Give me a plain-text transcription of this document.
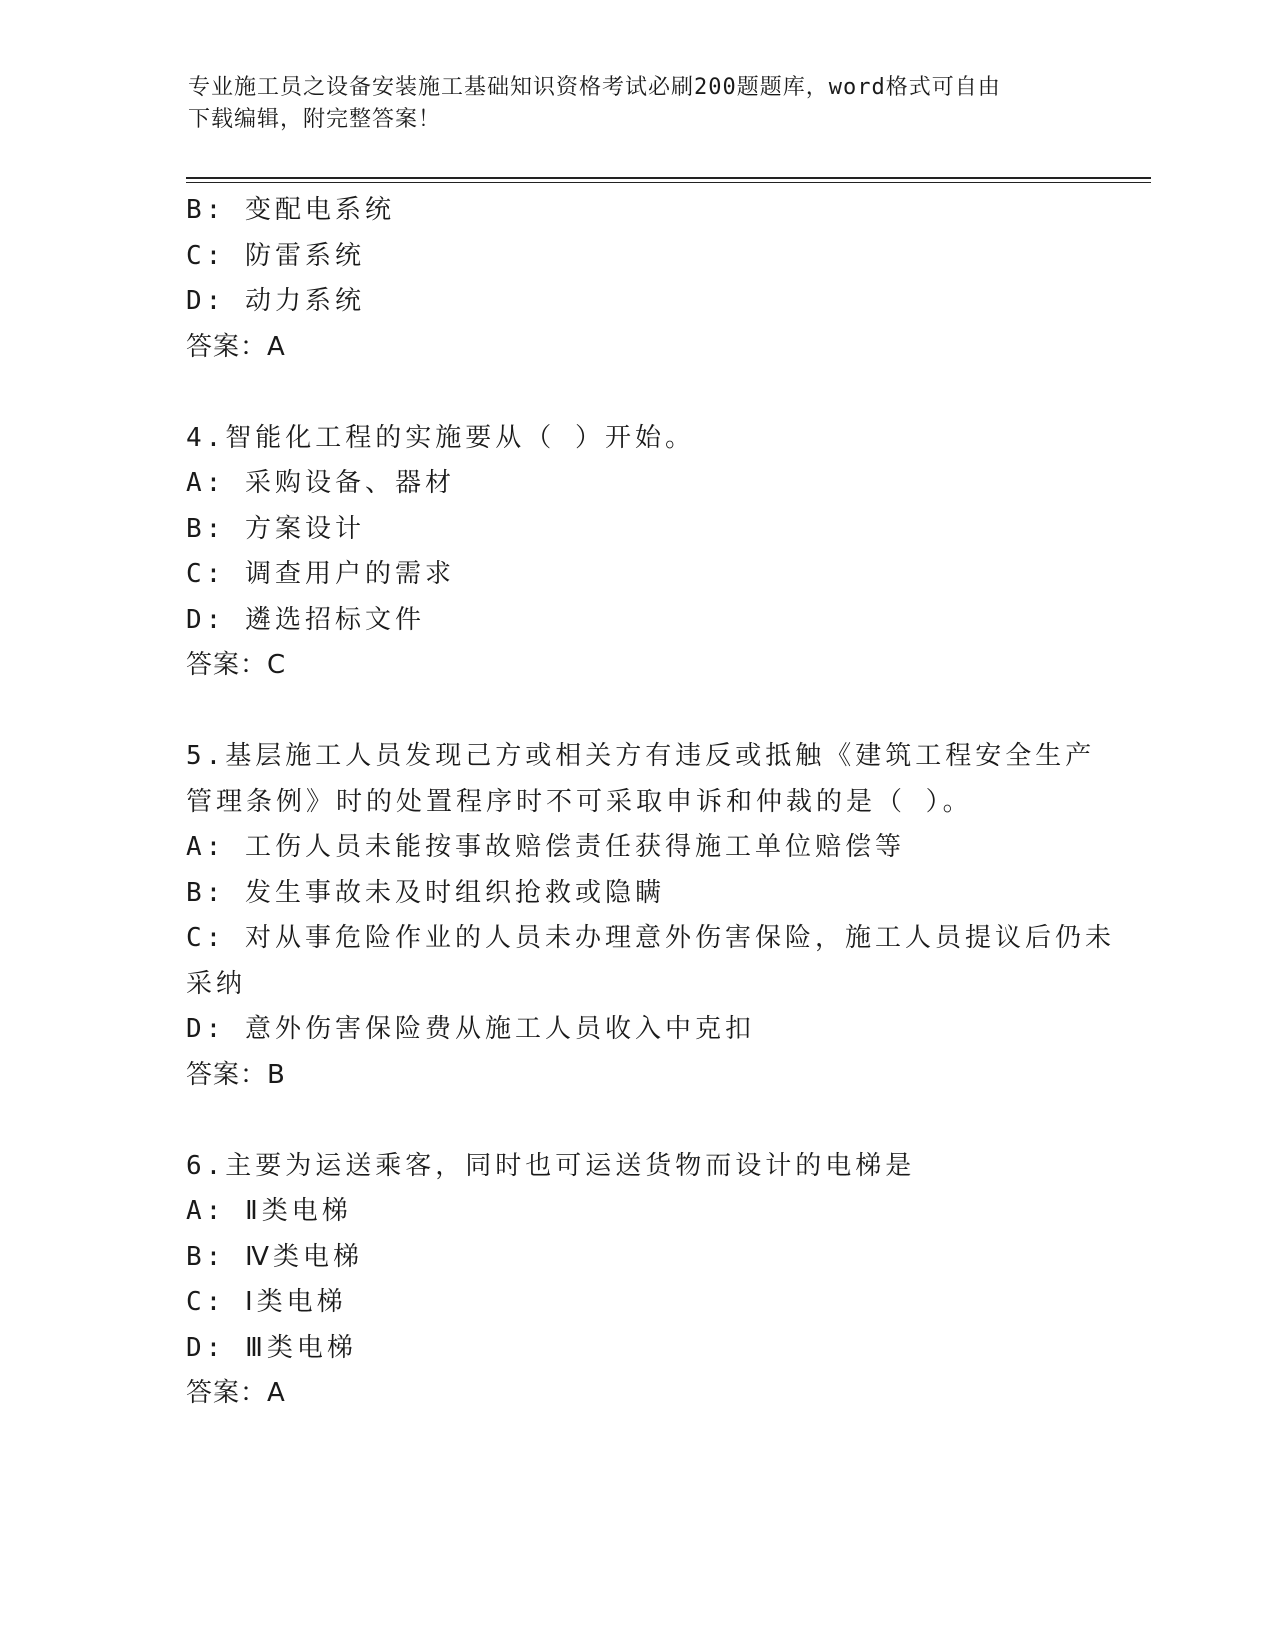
专业施工员之设备安装施工基础知识资格考试必刷200题题库，word格式可自由
下载编辑，附完整答案！
B: 变配电系统
C: 防雷系统
D: 动力系统
答案：A
4.智能化工程的实施要从（ ）开始。
A: 采购设备、器材
B: 方案设计
C: 调查用户的需求
D: 遴选招标文件
答案：C
5.基层施工人员发现己方或相关方有违反或抵触《建筑工程安全生产
管理条例》时的处置程序时不可采取申诉和仲裁的是（ ）。
A: 工伤人员未能按事故赔偿责任获得施工单位赔偿等
B: 发生事故未及时组织抢救或隐瞒
C: 对从事危险作业的人员未办理意外伤害保险，施工人员提议后仍未
采纳
D: 意外伤害保险费从施工人员收入中克扣
答案：B
6.主要为运送乘客，同时也可运送货物而设计的电梯是
A: Ⅱ类电梯
B: Ⅳ类电梯
C: Ⅰ类电梯
D: Ⅲ类电梯
答案：A
